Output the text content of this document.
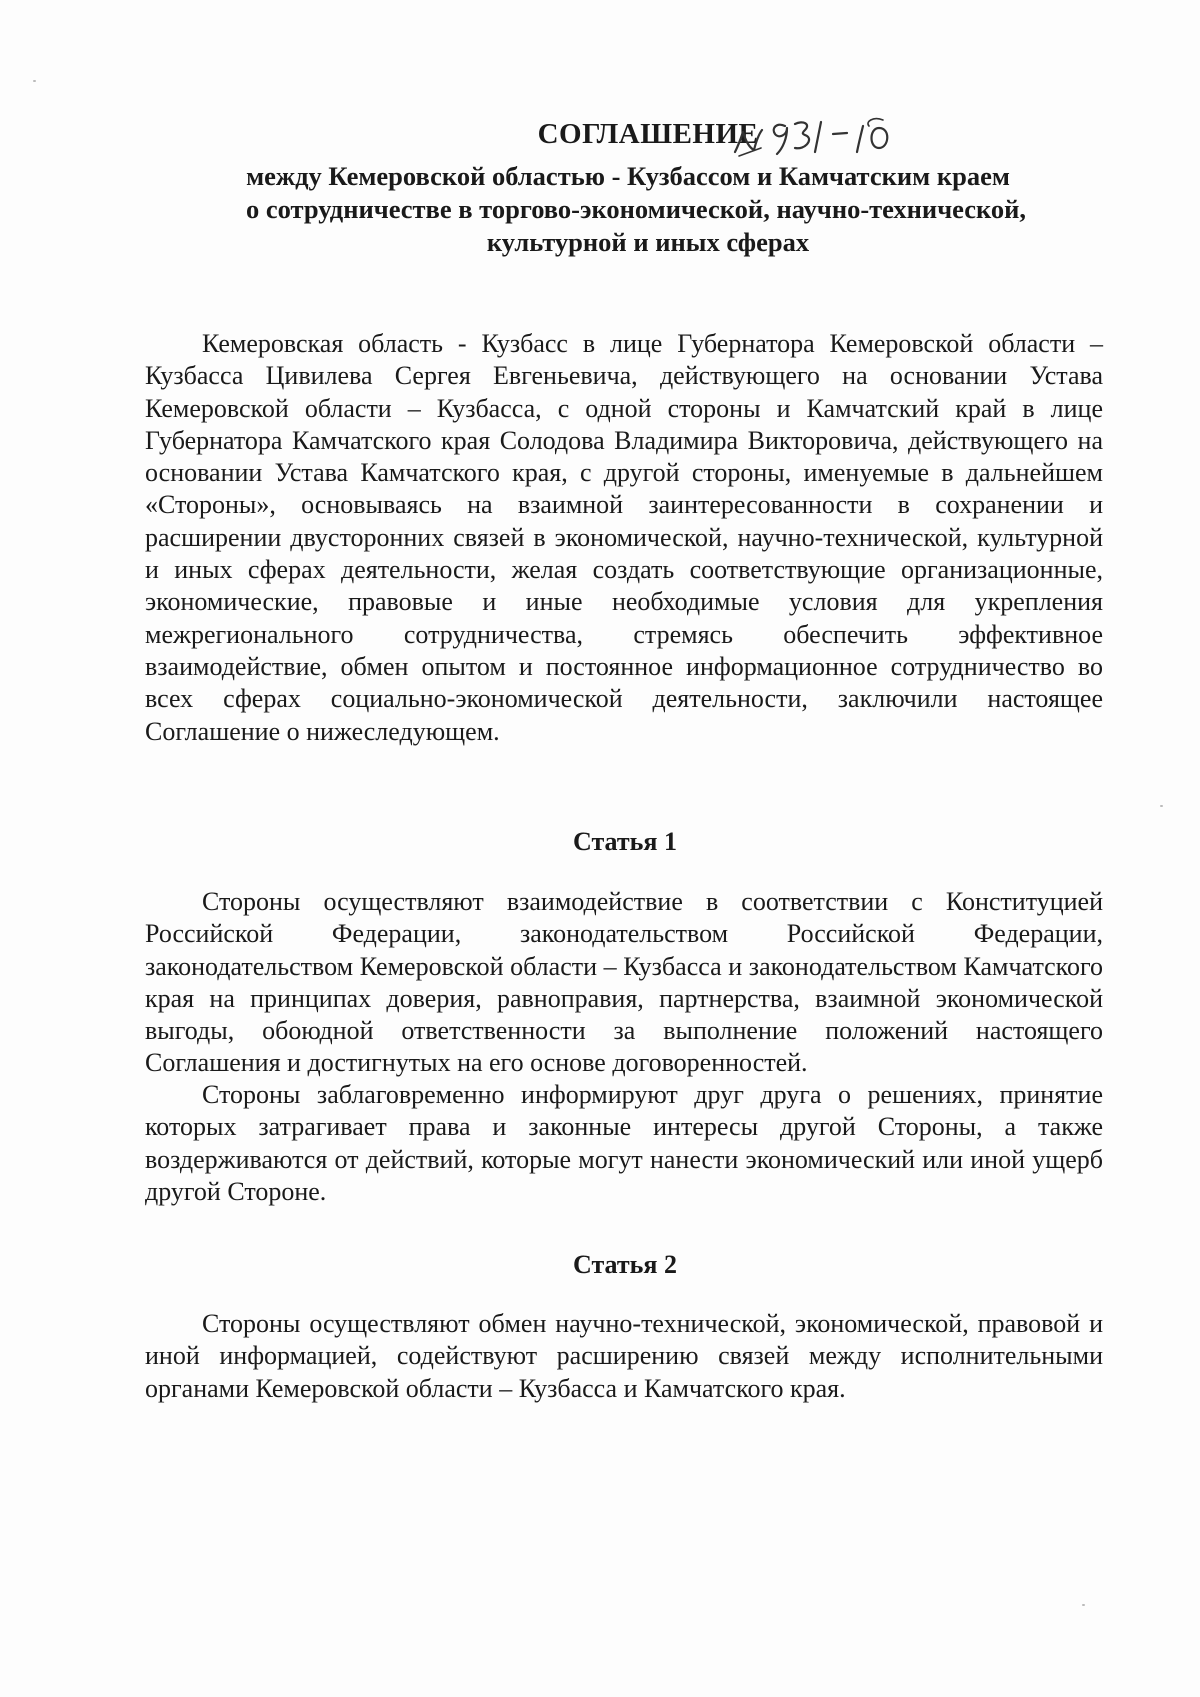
СОГЛАШЕНИЕ
между Кемеровской областью - Кузбассом и Камчатским краем
о сотрудничестве в торгово-экономической, научно-технической,
культурной и иных сферах
Кемеровская область - Кузбасс в лице Губернатора Кемеровской области – Кузбасса Цивилева Сергея Евгеньевича, действующего на основании Устава Кемеровской области – Кузбасса, с одной стороны и Камчатский край в лице Губернатора Камчатского края Солодова Владимира Викторовича, действующего на основании Устава Камчатского края, с другой стороны, именуемые в дальнейшем «Стороны», основываясь на взаимной заинтересованности в сохранении и расширении двусторонних связей в экономической, научно-технической, культурной и иных сферах деятельности, желая создать соответствующие организационные, экономические, правовые и иные необходимые условия для укрепления межрегионального сотрудничества, стремясь обеспечить эффективное взаимодействие, обмен опытом и постоянное информационное сотрудничество во всех сферах социально-экономической деятельности, заключили настоящее Соглашение о нижеследующем.
Статья 1
Стороны осуществляют взаимодействие в соответствии с Конституцией Российской Федерации, законодательством Российской Федерации, законодательством Кемеровской области – Кузбасса и законодательством Камчатского края на принципах доверия, равноправия, партнерства, взаимной экономической выгоды, обоюдной ответственности за выполнение положений настоящего Соглашения и достигнутых на его основе договоренностей.
Стороны заблаговременно информируют друг друга о решениях, принятие которых затрагивает права и законные интересы другой Стороны, а также воздерживаются от действий, которые могут нанести экономический или иной ущерб другой Стороне.
Статья 2
Стороны осуществляют обмен научно-технической, экономической, правовой и иной информацией, содействуют расширению связей между исполнительными органами Кемеровской области – Кузбасса и Камчатского края.
